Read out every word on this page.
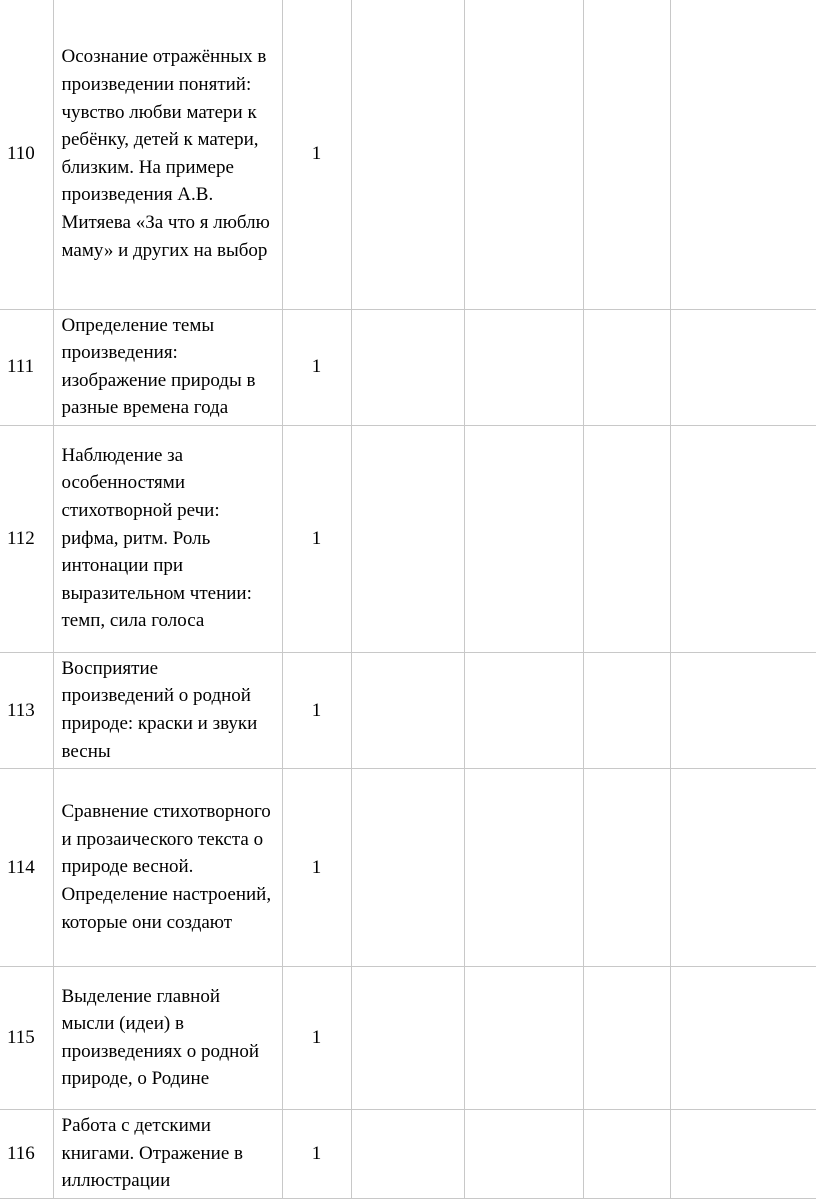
110	Осознание отражённых в произведении понятий: чувство любви матери к ребёнку, детей к матери, близким. На примере произведения А.В. Митяева «За что я люблю маму» и других на выбор	1				
111	Определение темы произведения: изображение природы в разные времена года	1				
112	Наблюдение за особенностями стихотворной речи: рифма, ритм. Роль интонации при выразительном чтении: темп, сила голоса	1				
113	Восприятие произведений о родной природе: краски и звуки весны	1				
114	Сравнение стихотворного и прозаического текста о природе весной. Определение настроений, которые они создают	1				
115	Выделение главной мысли (идеи) в произведениях о родной природе, о Родине	1				
116	Работа с детскими книгами. Отражение в иллюстрации	1				
